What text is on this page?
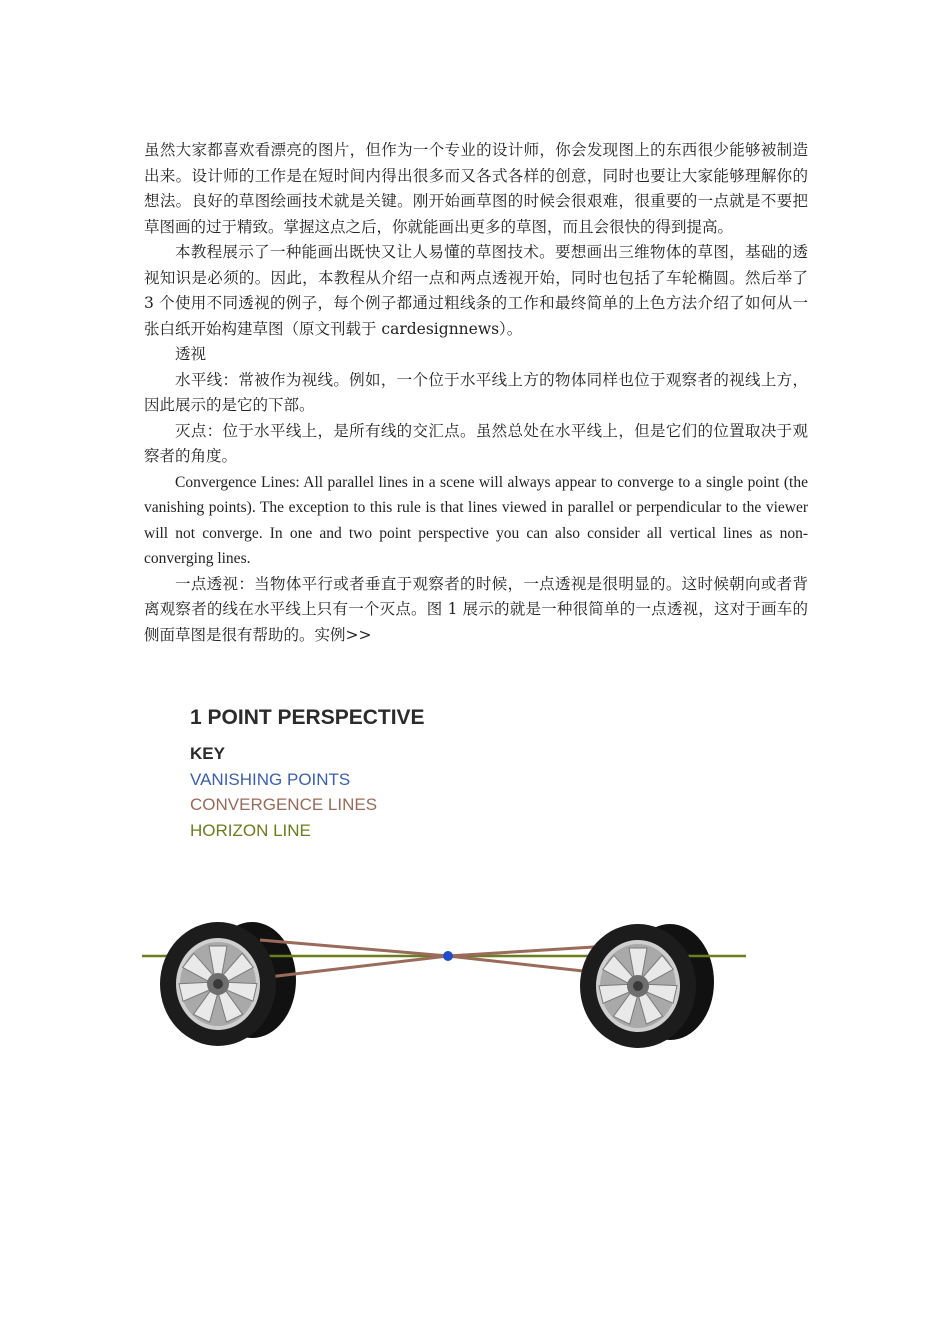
虽然大家都喜欢看漂亮的图片，但作为一个专业的设计师，你会发现图上的东西很少能够被制造出来。设计师的工作是在短时间内得出很多而又各式各样的创意，同时也要让大家能够理解你的想法。良好的草图绘画技术就是关键。刚开始画草图的时候会很艰难，很重要的一点就是不要把草图画的过于精致。掌握这点之后，你就能画出更多的草图，而且会很快的得到提高。

本教程展示了一种能画出既快又让人易懂的草图技术。要想画出三维物体的草图，基础的透视知识是必须的。因此，本教程从介绍一点和两点透视开始，同时也包括了车轮椭圆。然后举了 3 个使用不同透视的例子，每个例子都通过粗线条的工作和最终简单的上色方法介绍了如何从一张白纸开始构建草图（原文刊载于 cardesignnews）。

透视

水平线：常被作为视线。例如，一个位于水平线上方的物体同样也位于观察者的视线上方，因此展示的是它的下部。

灭点：位于水平线上，是所有线的交汇点。虽然总处在水平线上，但是它们的位置取决于观察者的角度。

Convergence Lines: All parallel lines in a scene will always appear to converge to a single point (the vanishing points). The exception to this rule is that lines viewed in parallel or perpendicular to the viewer will not converge. In one and two point perspective you can also consider all vertical lines as non-converging lines.

一点透视：当物体平行或者垂直于观察者的时候，一点透视是很明显的。这时候朝向或者背离观察者的线在水平线上只有一个灭点。图 1 展示的就是一种很简单的一点透视，这对于画车的侧面草图是很有帮助的。实例>>

1 POINT PERSPECTIVE
KEY
VANISHING POINTS
CONVERGENCE LINES
HORIZON LINE
